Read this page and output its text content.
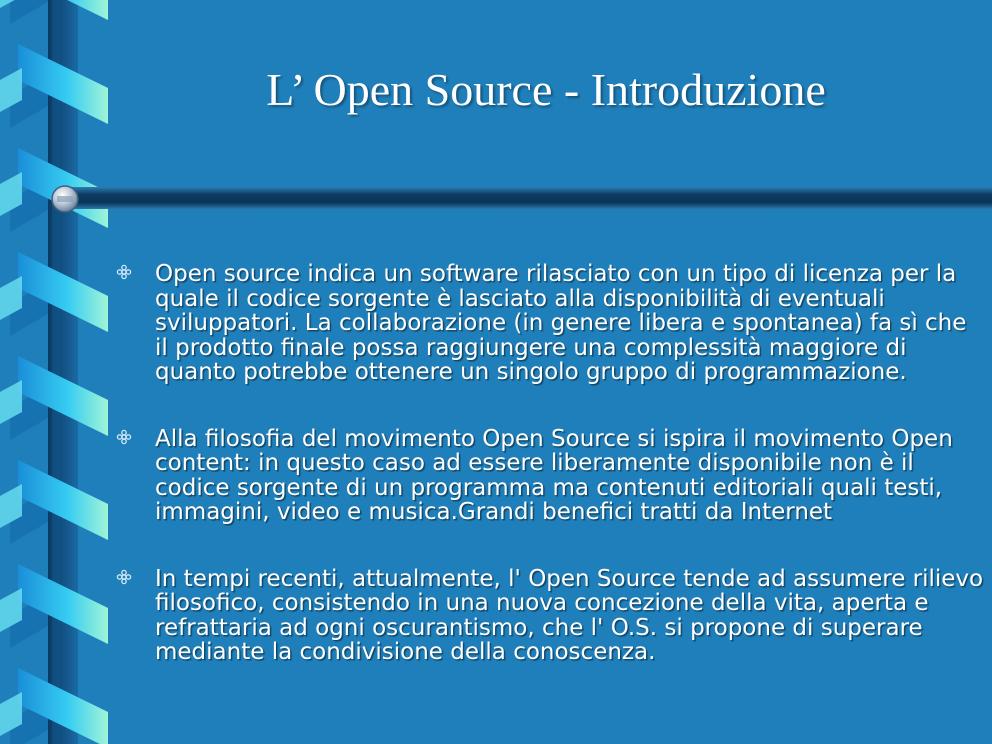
L’ Open Source - Introduzione
Open source indica un software rilasciato con un tipo di licenza per la quale il codice sorgente è lasciato alla disponibilità di eventuali sviluppatori. La collaborazione (in genere libera e spontanea) fa sì che il prodotto finale possa raggiungere una complessità maggiore di quanto potrebbe ottenere un singolo gruppo di programmazione.
Alla filosofia del movimento Open Source si ispira il movimento Open content: in questo caso ad essere liberamente disponibile non è il codice sorgente di un programma ma contenuti editoriali quali testi, immagini, video e musica.Grandi benefici tratti da Internet
In tempi recenti, attualmente, l' Open Source tende ad assumere rilievo filosofico, consistendo in una nuova concezione della vita, aperta e refrattaria ad ogni oscurantismo, che l' O.S. si propone di superare mediante la condivisione della conoscenza.
